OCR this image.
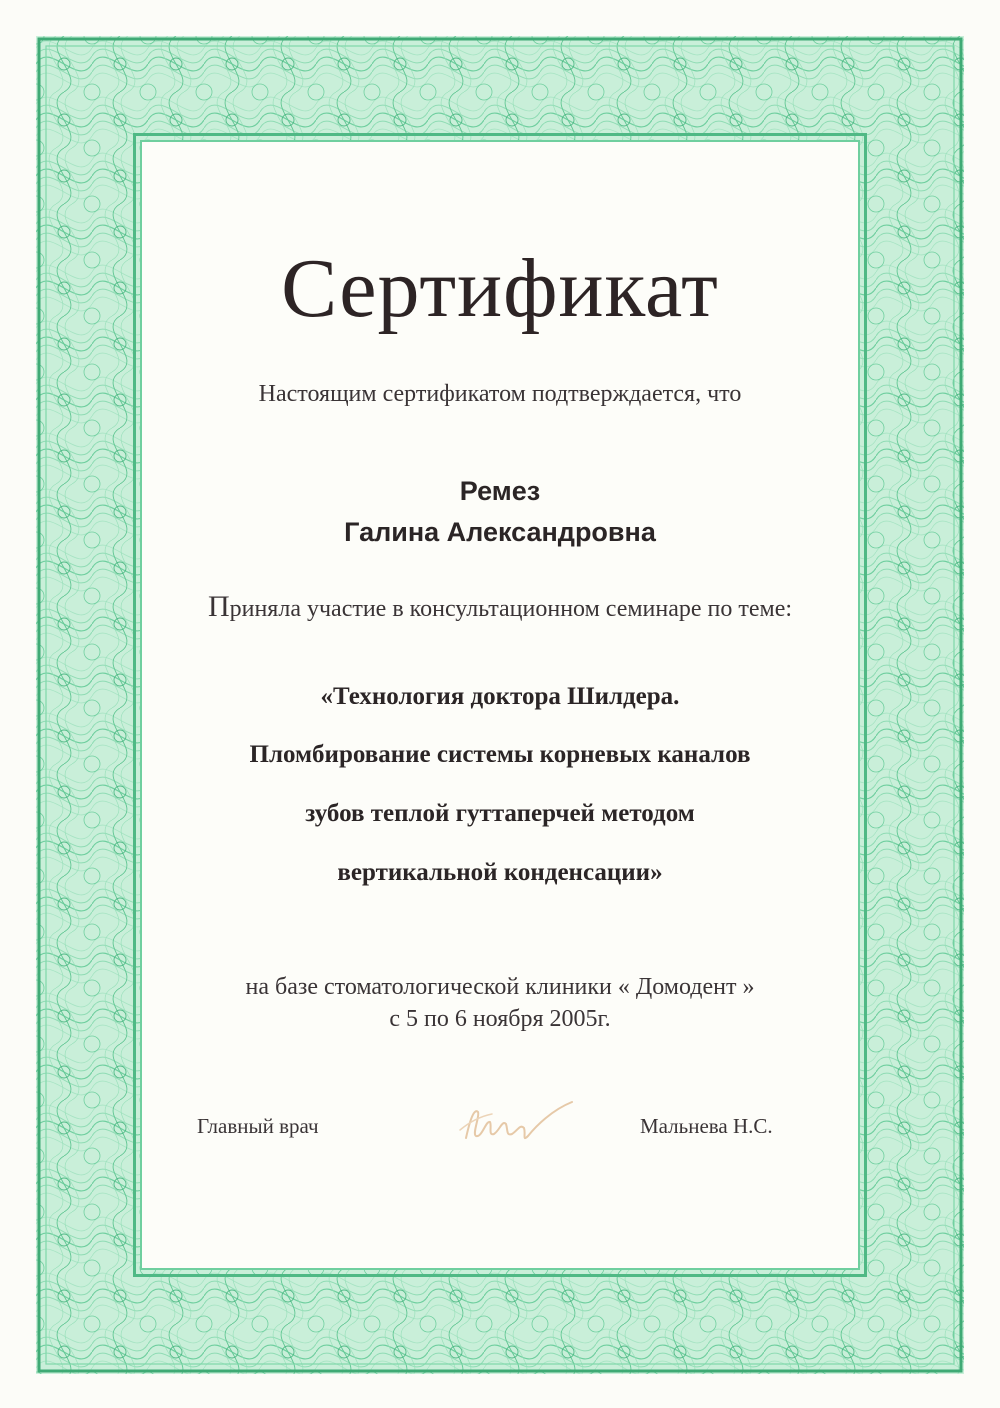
Сертификат
Настоящим сертификатом подтверждается, что
Ремез
Галина Александровна
Приняла участие в консультационном семинаре по теме:
«Технология доктора Шилдера.
Пломбирование системы корневых каналов
зубов теплой гуттаперчей методом
вертикальной конденсации»
на базе стоматологической клиники « Домодент »
с 5 по 6 ноября 2005г.
Главный врач	Мальнева Н.С.
